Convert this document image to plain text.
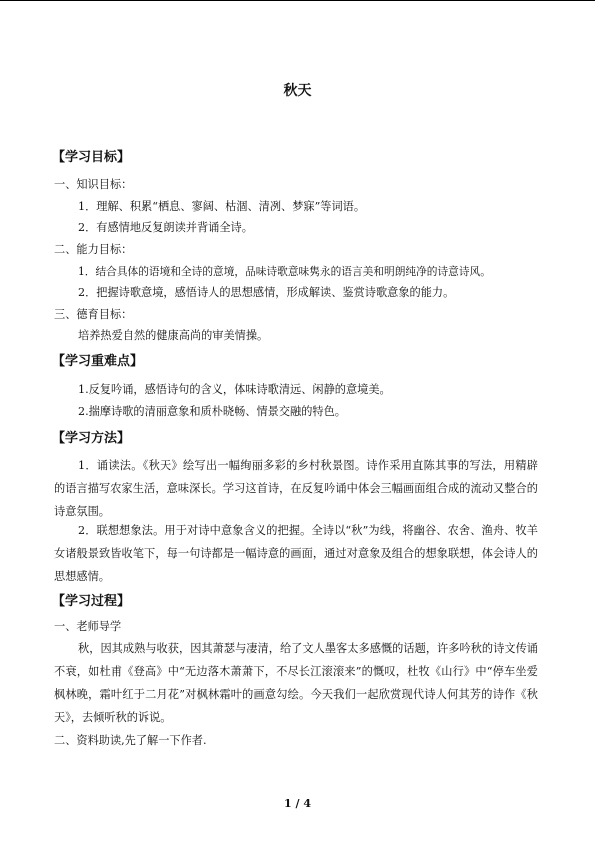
秋天
【学习目标】
一、知识目标：
1．理解、积累“栖息、寥阔、枯涸、清冽、梦寐”等词语。
2．有感情地反复朗读并背诵全诗。
二、能力目标：
1．结合具体的语境和全诗的意境，品味诗歌意味隽永的语言美和明朗纯净的诗意诗风。
2．把握诗歌意境，感悟诗人的思想感情，形成解读、鉴赏诗歌意象的能力。
三、德育目标：
培养热爱自然的健康高尚的审美情操。
【学习重难点】
1.反复吟诵，感悟诗句的含义，体味诗歌清远、闲静的意境美。
2.揣摩诗歌的清丽意象和质朴晓畅、情景交融的特色。
【学习方法】
1．诵读法。《秋天》绘写出一幅绚丽多彩的乡村秋景图。诗作采用直陈其事的写法，用精辟的语言描写农家生活，意味深长。学习这首诗，在反复吟诵中体会三幅画面组合成的流动又整合的诗意氛围。
2．联想想象法。用于对诗中意象含义的把握。全诗以“秋”为线，将幽谷、农舍、渔舟、牧羊女诸般景致皆收笔下，每一句诗都是一幅诗意的画面，通过对意象及组合的想象联想，体会诗人的思想感情。
【学习过程】
一、老师导学
秋，因其成熟与收获，因其萧瑟与凄清，给了文人墨客太多感慨的话题，许多吟秋的诗文传诵不衰，如杜甫《登高》中“无边落木萧萧下，不尽长江滚滚来”的慨叹，杜牧《山行》中“停车坐爱枫林晚，霜叶红于二月花”对枫林霜叶的画意勾绘。今天我们一起欣赏现代诗人何其芳的诗作《秋天》，去倾听秋的诉说。
二、资料助读,先了解一下作者.
1 / 4
